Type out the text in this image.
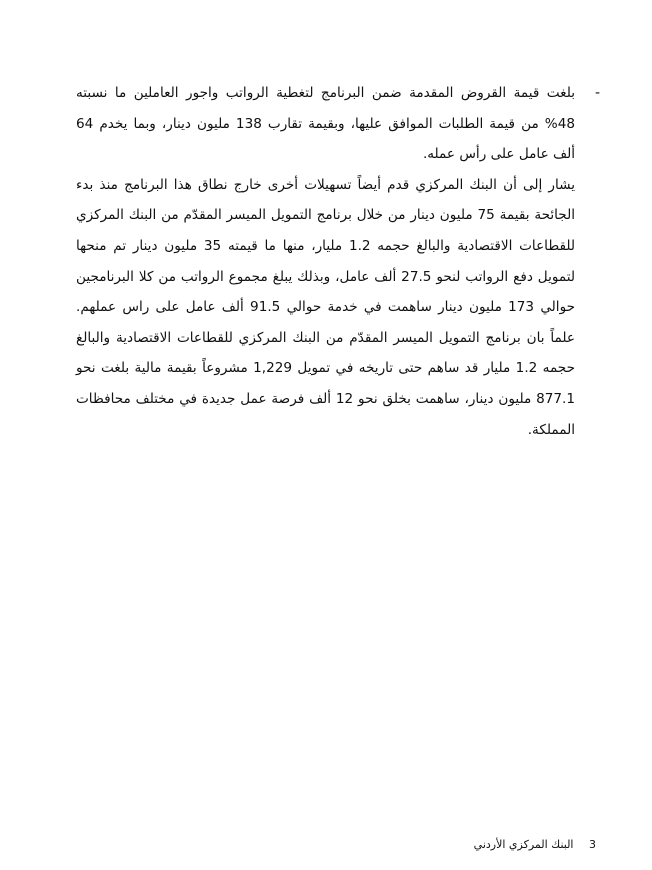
-

بلغت قيمة القروض المقدمة ضمن البرنامج لتغطية الرواتب واجور العاملين ما نسبته 48% من قيمة الطلبات الموافق عليها، وبقيمة تقارب 138 مليون دينار، وبما يخدم 64 ألف عامل على رأس عمله.

يشار إلى أن البنك المركزي قدم أيضاً تسهيلات أخرى خارج نطاق هذا البرنامج منذ بدء الجائحة بقيمة 75 مليون دينار من خلال برنامج التمويل الميسر المقدّم من البنك المركزي للقطاعات الاقتصادية والبالغ حجمه 1.2 مليار، منها ما قيمته 35 مليون دينار تم منحها لتمويل دفع الرواتب لنحو 27.5 ألف عامل، وبذلك يبلغ مجموع الرواتب من كلا البرنامجين حوالي 173 مليون دينار ساهمت في خدمة حوالي 91.5 ألف عامل على راس عملهم. علماً بان برنامج التمويل الميسر المقدّم من البنك المركزي للقطاعات الاقتصادية والبالغ حجمه 1.2 مليار قد ساهم حتى تاريخه في تمويل 1,229 مشروعاً بقيمة مالية بلغت نحو 877.1 مليون دينار، ساهمت بخلق نحو 12 ألف فرصة عمل جديدة في مختلف محافظات المملكة.

3 البنك المركزي الأردني
